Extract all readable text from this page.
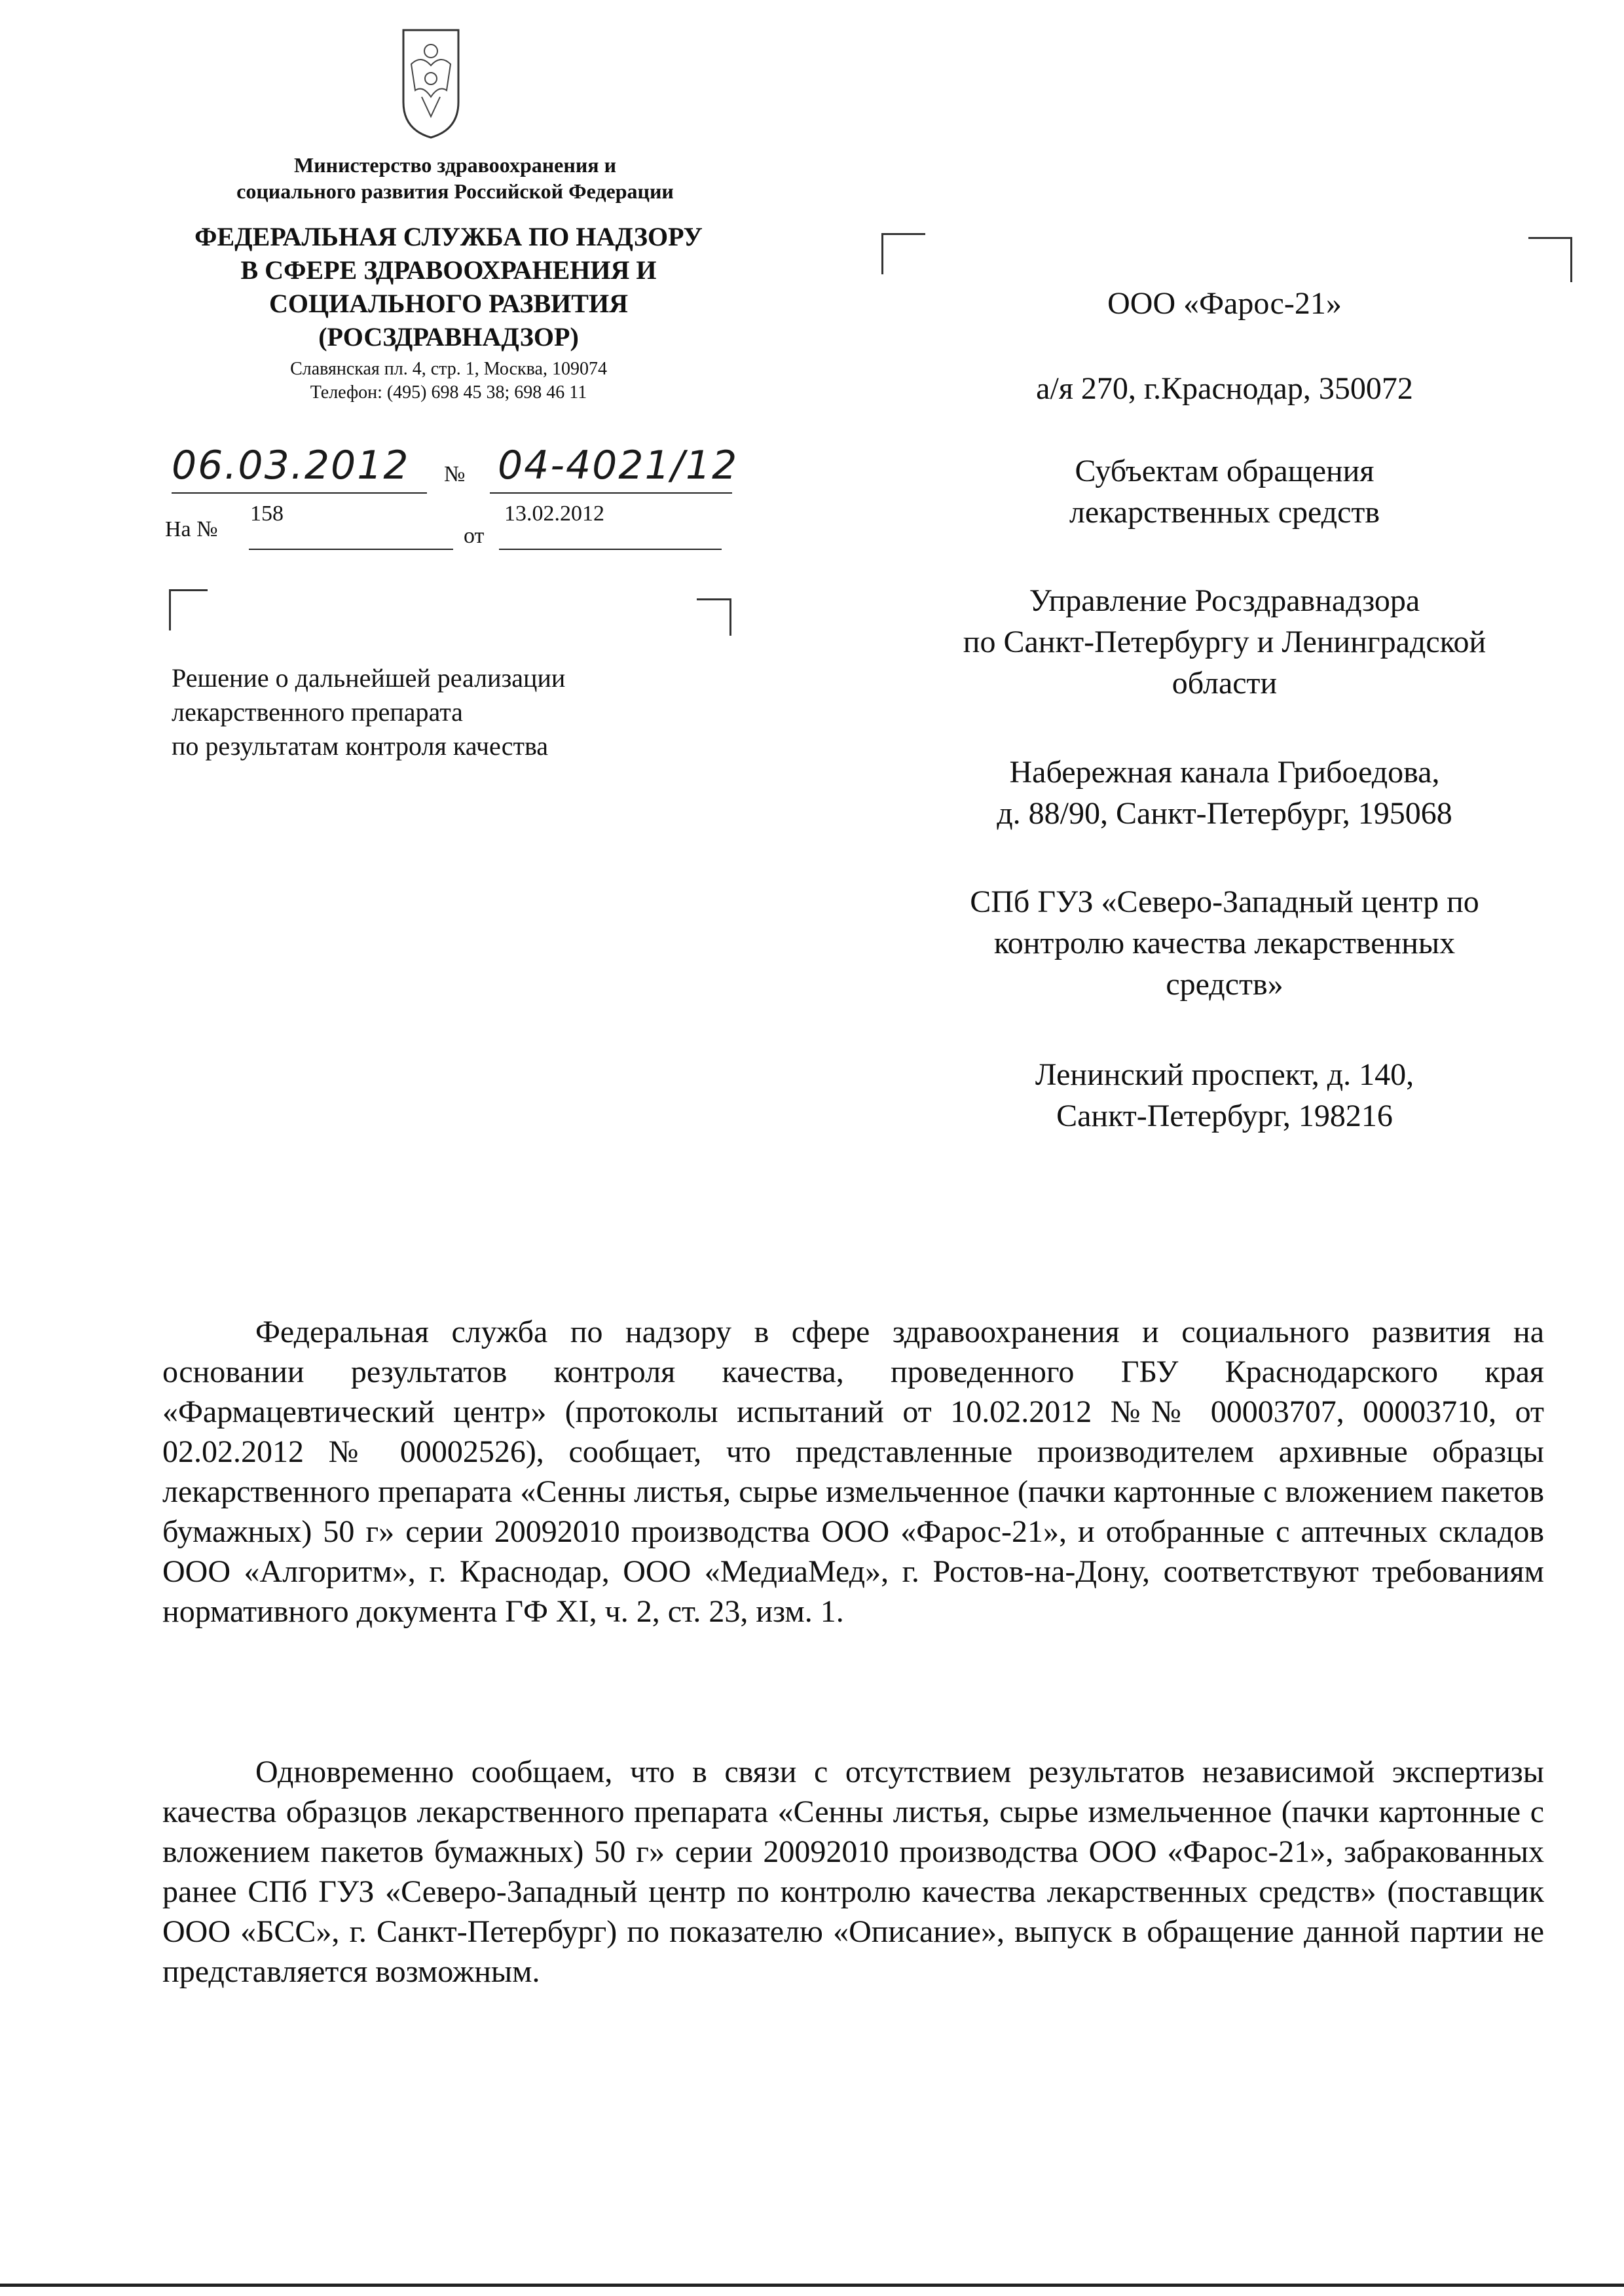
Министерство здравоохранения и
социального развития Российской Федерации
ФЕДЕРАЛЬНАЯ СЛУЖБА ПО НАДЗОРУ
В СФЕРЕ ЗДРАВООХРАНЕНИЯ И
СОЦИАЛЬНОГО РАЗВИТИЯ
(РОСЗДРАВНАДЗОР)
Славянская пл. 4, стр. 1, Москва, 109074
Телефон: (495) 698 45 38; 698 46 11
06.03.2012 № 04-4021/12
На №
158
от
13.02.2012
Решение о дальнейшей реализации
лекарственного препарата
по результатам контроля качества
ООО «Фарос-21»
а/я 270, г.Краснодар, 350072
Субъектам обращения
лекарственных средств
Управление Росздравнадзора
по Санкт-Петербургу и Ленинградской
области
Набережная канала Грибоедова,
д. 88/90, Санкт-Петербург, 195068
СПб ГУЗ «Северо-Западный центр по
контролю качества лекарственных
средств»
Ленинский проспект, д. 140,
Санкт-Петербург, 198216
Федеральная служба по надзору в сфере здравоохранения и социального развития на основании результатов контроля качества, проведенного ГБУ Краснодарского края «Фармацевтический центр» (протоколы испытаний от 10.02.2012 №№ 00003707, 00003710, от 02.02.2012 № 00002526), сообщает, что представленные производителем архивные образцы лекарственного препарата «Сенны листья, сырье измельченное (пачки картонные с вложением пакетов бумажных) 50 г» серии 20092010 производства ООО «Фарос-21», и отобранные с аптечных складов ООО «Алгоритм», г. Краснодар, ООО «МедиаМед», г. Ростов-на-Дону, соответствуют требованиям нормативного документа ГФ XI, ч. 2, ст. 23, изм. 1.
Одновременно сообщаем, что в связи с отсутствием результатов независимой экспертизы качества образцов лекарственного препарата «Сенны листья, сырье измельченное (пачки картонные с вложением пакетов бумажных) 50 г» серии 20092010 производства ООО «Фарос-21», забракованных ранее СПб ГУЗ «Северо-Западный центр по контролю качества лекарственных средств» (поставщик ООО «БСС», г. Санкт-Петербург) по показателю «Описание», выпуск в обращение данной партии не представляется возможным.
